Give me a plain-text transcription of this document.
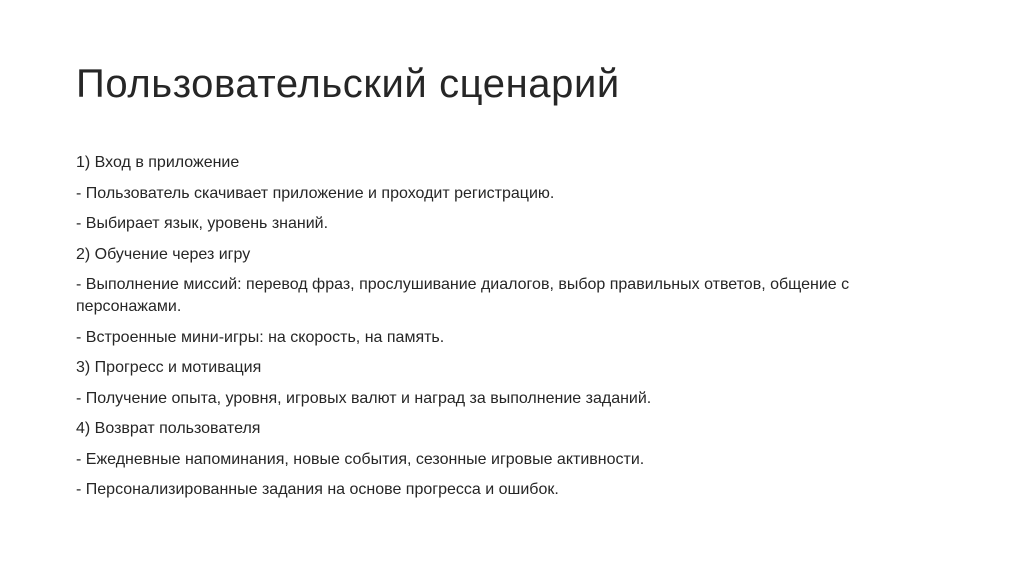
Пользовательский сценарий
1) Вход в приложение
- Пользователь скачивает приложение и проходит регистрацию.
- Выбирает язык, уровень знаний.
2) Обучение через игру
- Выполнение миссий: перевод фраз, прослушивание диалогов, выбор правильных ответов, общение с персонажами.
- Встроенные мини-игры: на скорость, на память.
3) Прогресс и мотивация
- Получение опыта, уровня, игровых валют и наград за выполнение заданий.
4) Возврат пользователя
- Ежедневные напоминания, новые события, сезонные игровые активности.
- Персонализированные задания на основе прогресса и ошибок.
